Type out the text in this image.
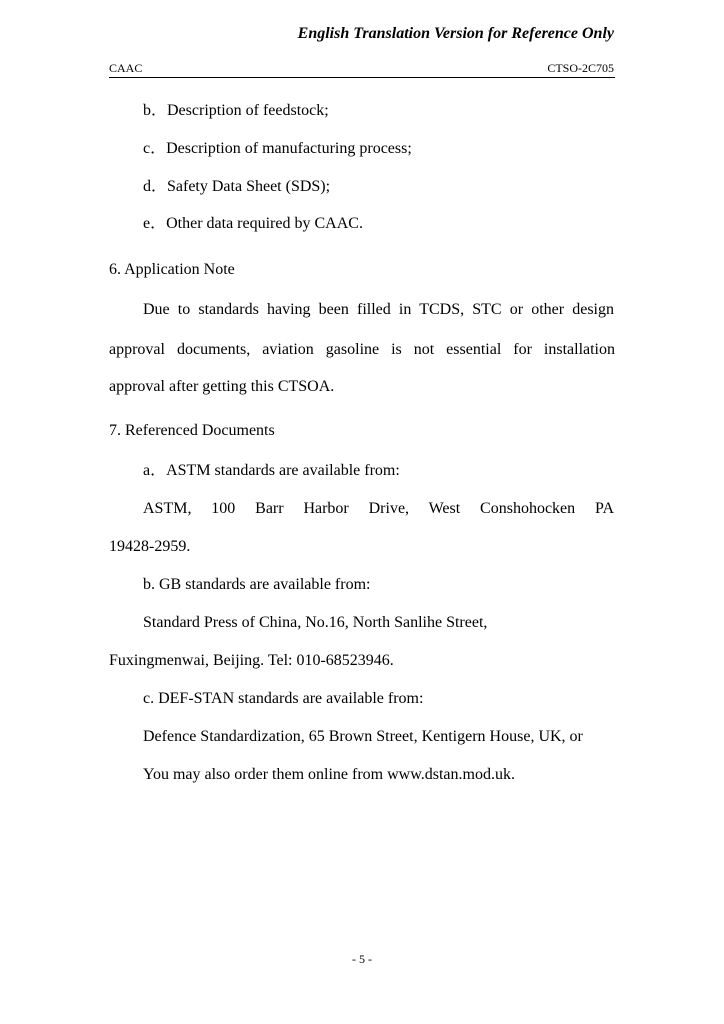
English Translation Version for Reference Only
CAAC	CTSO-2C705
b．Description of feedstock;
c．Description of manufacturing process;
d．Safety Data Sheet (SDS);
e．Other data required by CAAC.
6. Application Note
Due to standards having been filled in TCDS, STC or other design
approval documents, aviation gasoline is not essential for installation
approval after getting this CTSOA.
7. Referenced Documents
a．ASTM standards are available from:
ASTM, 100 Barr Harbor Drive, West Conshohocken PA
19428-2959.
b. GB standards are available from:
Standard Press of China, No.16, North Sanlihe Street,
Fuxingmenwai, Beijing. Tel: 010-68523946.
c. DEF-STAN standards are available from:
Defence Standardization, 65 Brown Street, Kentigern House, UK, or
You may also order them online from www.dstan.mod.uk.
- 5 -
